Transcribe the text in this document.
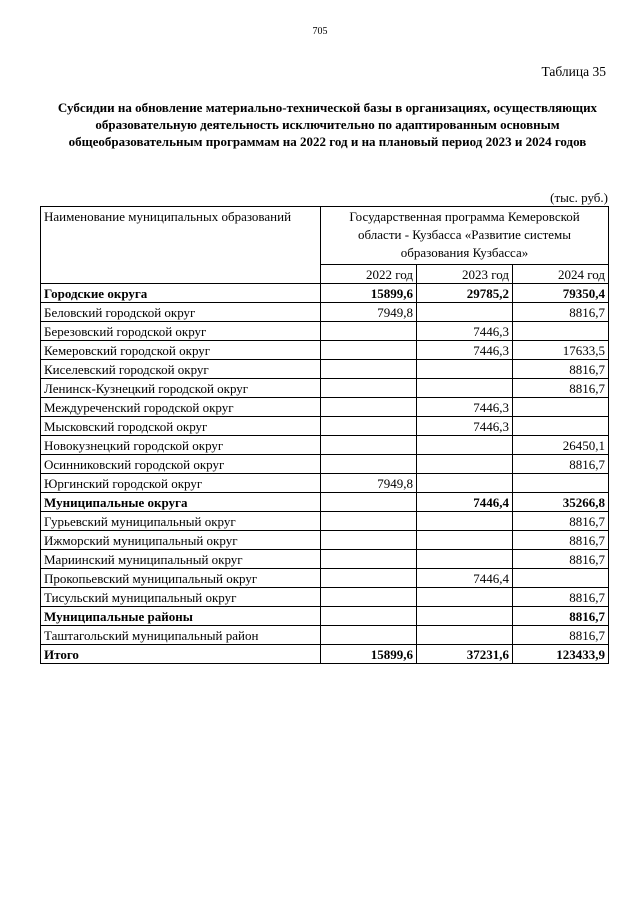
705
Таблица 35
Субсидии на обновление материально-технической базы в организациях, осуществляющих образовательную деятельность исключительно по адаптированным основным общеобразовательным программам на 2022 год и на плановый период 2023 и 2024 годов
(тыс. руб.)
Наименование муниципальных образований	Государственная программа Кемеровской области - Кузбасса «Развитие системы образования Кузбасса»		
	2022 год	2023 год	2024 год
Городские округа	15899,6	29785,2	79350,4
Беловский городской округ	7949,8		8816,7
Березовский городской округ		7446,3	
Кемеровский городской округ		7446,3	17633,5
Киселевский городской округ			8816,7
Ленинск-Кузнецкий городской округ			8816,7
Междуреченский городской округ		7446,3	
Мысковский городской округ		7446,3	
Новокузнецкий городской округ			26450,1
Осинниковский городской округ			8816,7
Юргинский городской округ	7949,8		
Муниципальные округа		7446,4	35266,8
Гурьевский муниципальный округ			8816,7
Ижморский муниципальный округ			8816,7
Мариинский муниципальный округ			8816,7
Прокопьевский муниципальный округ		7446,4	
Тисульский муниципальный округ			8816,7
Муниципальные районы			8816,7
Таштагольский муниципальный район			8816,7
Итого	15899,6	37231,6	123433,9
